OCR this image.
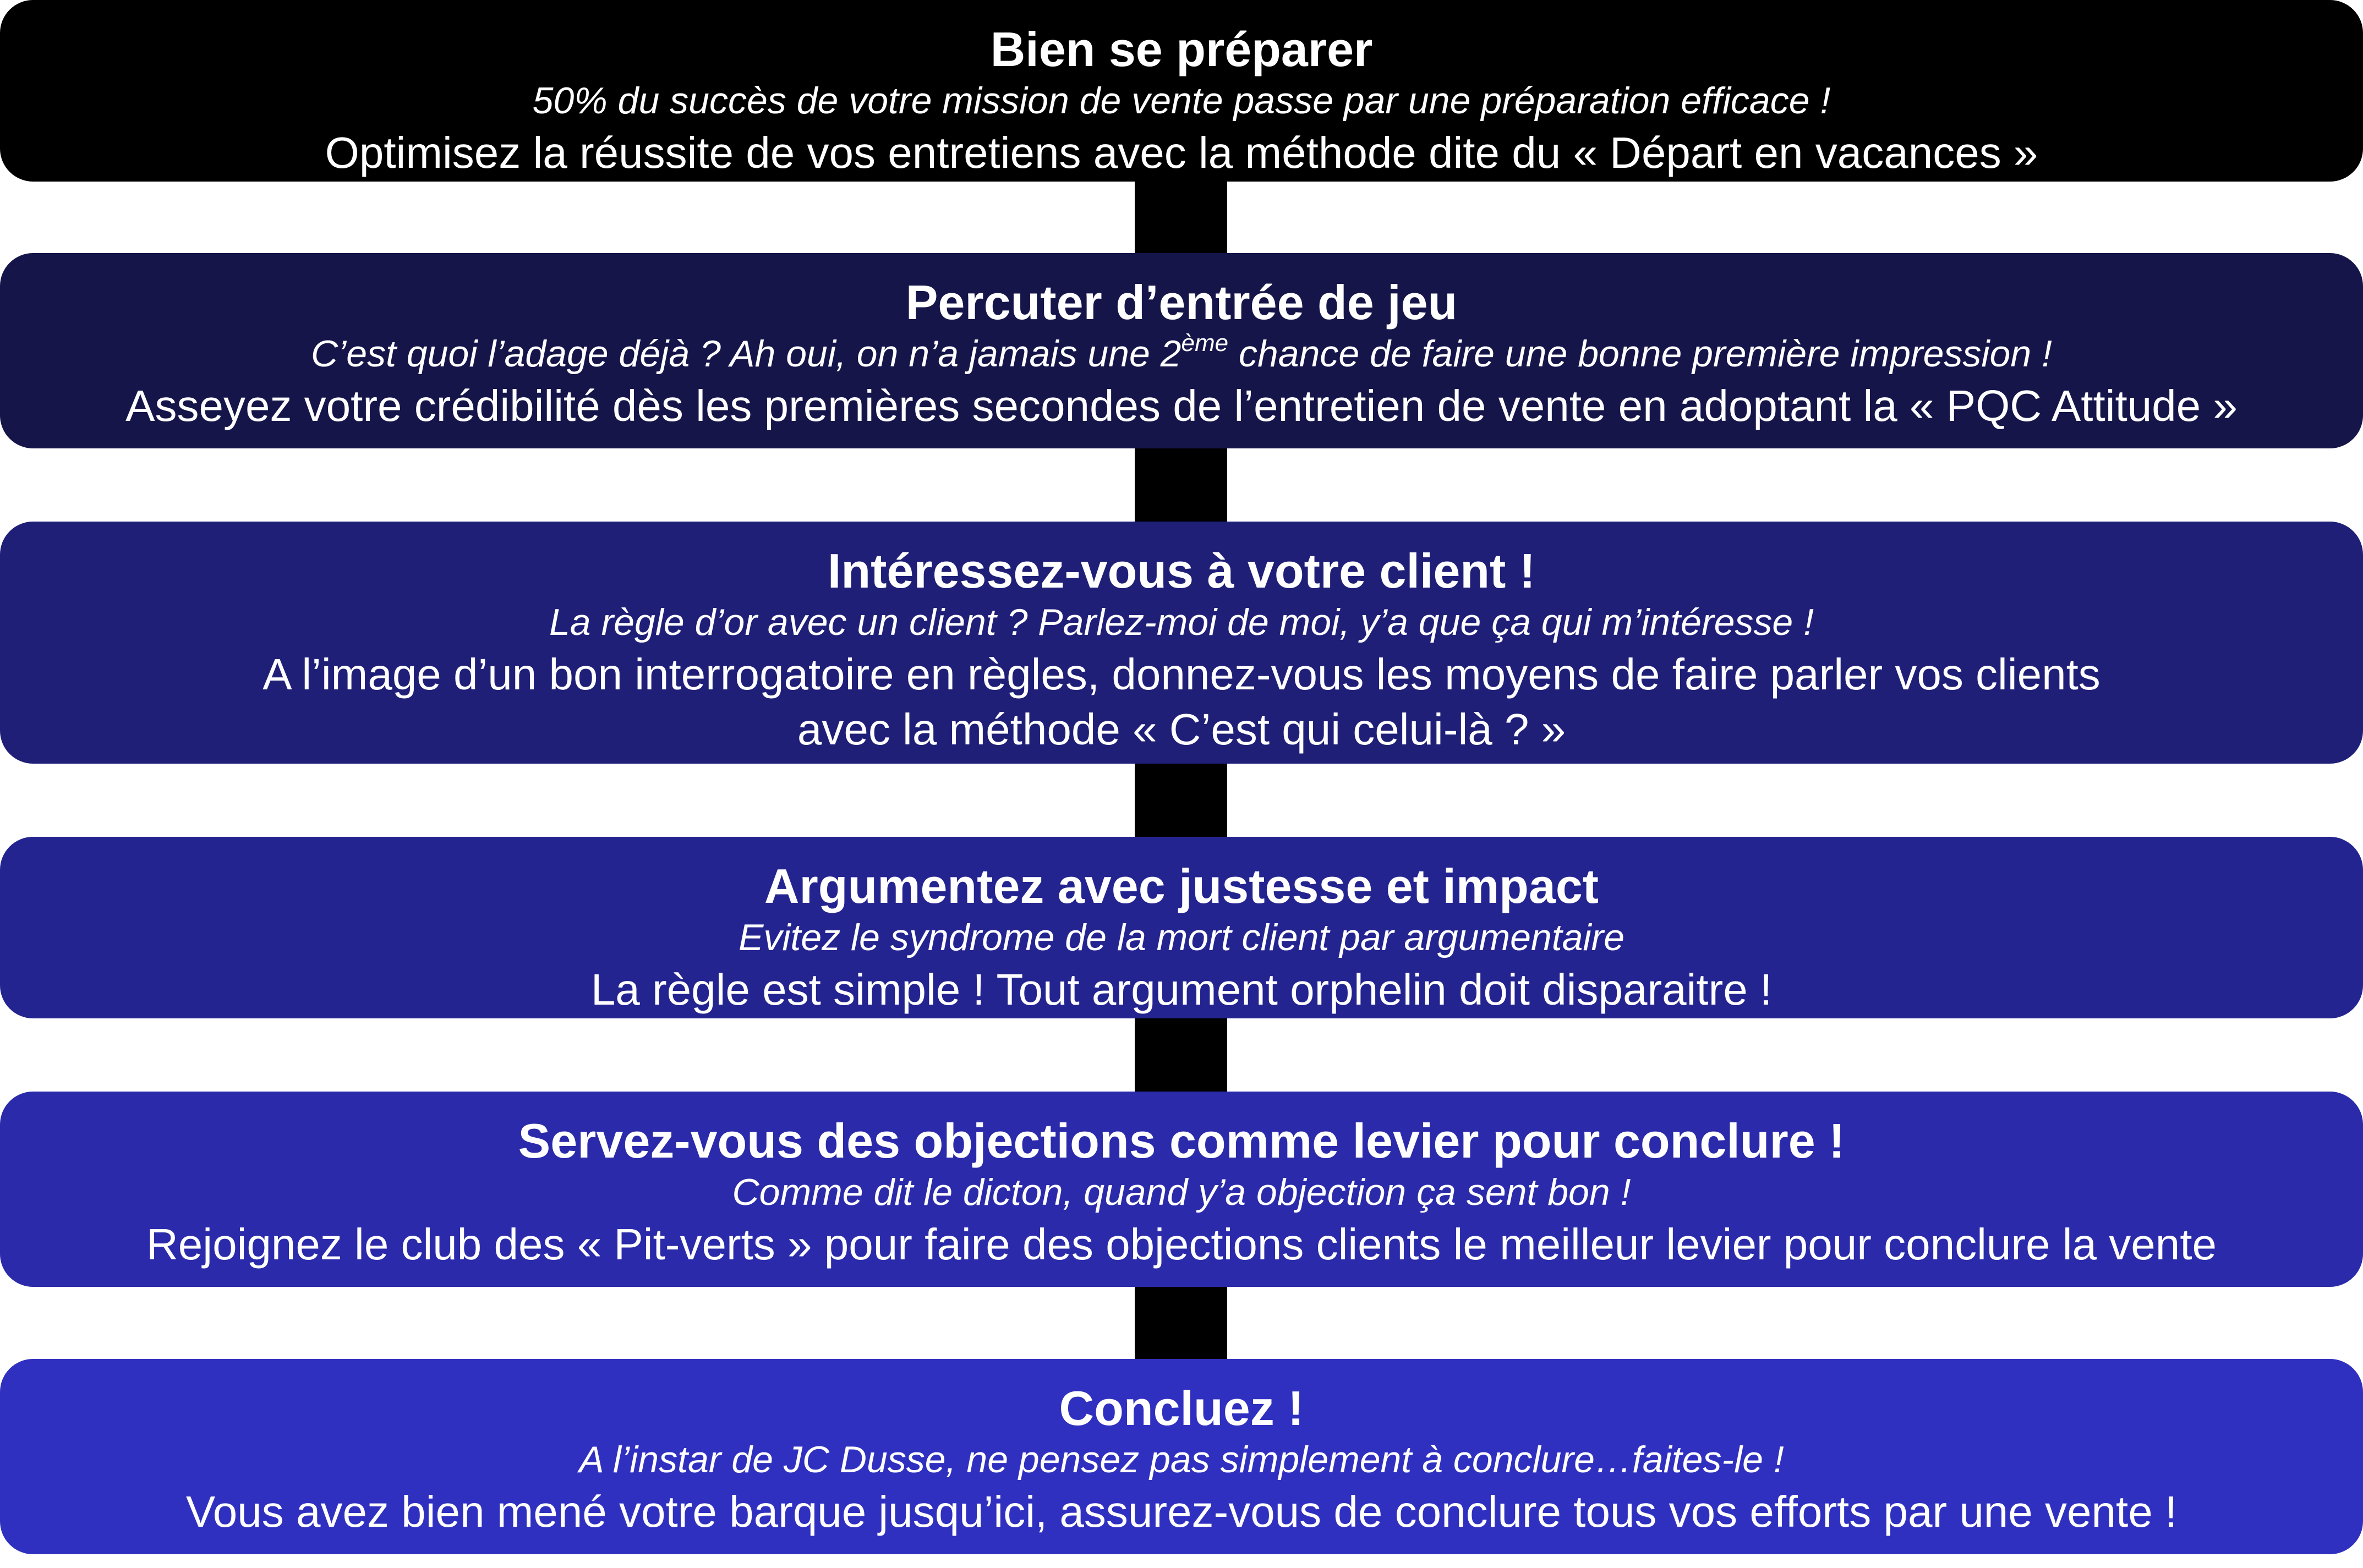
Bien se préparer

50% du succès de votre mission de vente passe par une préparation efficace !

Optimisez la réussite de vos entretiens avec la méthode dite du « Départ en vacances »

Percuter d’entrée de jeu

C’est quoi l’adage déjà ? Ah oui, on n’a jamais une 2ème chance de faire une bonne première impression !

Asseyez votre crédibilité dès les premières secondes de l’entretien de vente en adoptant la « PQC Attitude »

Intéressez-vous à votre client !

La règle d’or avec un client ? Parlez-moi de moi, y’a que ça qui m’intéresse !

A l’image d’un bon interrogatoire en règles, donnez-vous les moyens de faire parler vos clients
avec la méthode « C’est qui celui-là ? »

Argumentez avec justesse et impact

Evitez le syndrome de la mort client par argumentaire

La règle est simple ! Tout argument orphelin doit disparaitre !

Servez-vous des objections comme levier pour conclure !

Comme dit le dicton, quand y’a objection ça sent bon !

Rejoignez le club des « Pit-verts » pour faire des objections clients le meilleur levier pour conclure la vente

Concluez !

A l’instar de JC Dusse, ne pensez pas simplement à conclure…faites-le !

Vous avez bien mené votre barque jusqu’ici, assurez-vous de conclure tous vos efforts par une vente !
